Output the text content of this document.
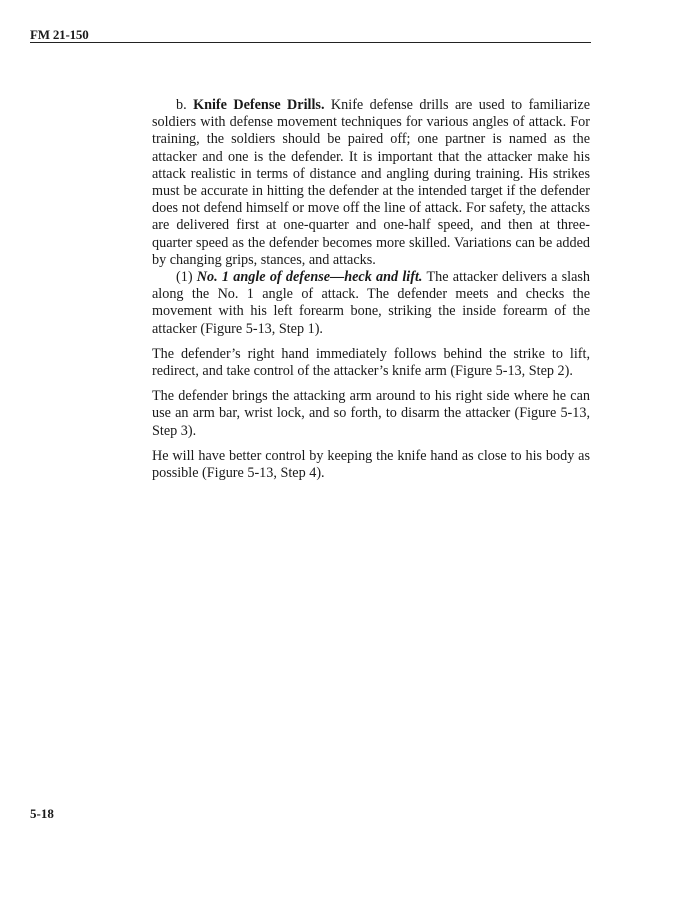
FM 21-150

b. Knife Defense Drills. Knife defense drills are used to familiarize soldiers with defense movement techniques for various angles of attack. For training, the soldiers should be paired off; one partner is named as the attacker and one is the defender. It is important that the attacker make his attack realistic in terms of distance and angling during training. His strikes must be accurate in hitting the defender at the intended target if the defender does not defend himself or move off the line of attack. For safety, the attacks are delivered first at one-quarter and one-half speed, and then at three-quarter speed as the defender becomes more skilled. Variations can be added by changing grips, stances, and attacks.

(1) No. 1 angle of defense—heck and lift. The attacker delivers a slash along the No. 1 angle of attack. The defender meets and checks the movement with his left forearm bone, striking the inside forearm of the attacker (Figure 5-13, Step 1).

The defender’s right hand immediately follows behind the strike to lift, redirect, and take control of the attacker’s knife arm (Figure 5-13, Step 2).

The defender brings the attacking arm around to his right side where he can use an arm bar, wrist lock, and so forth, to disarm the attacker (Figure 5-13, Step 3).

He will have better control by keeping the knife hand as close to his body as possible (Figure 5-13, Step 4).

5-18
